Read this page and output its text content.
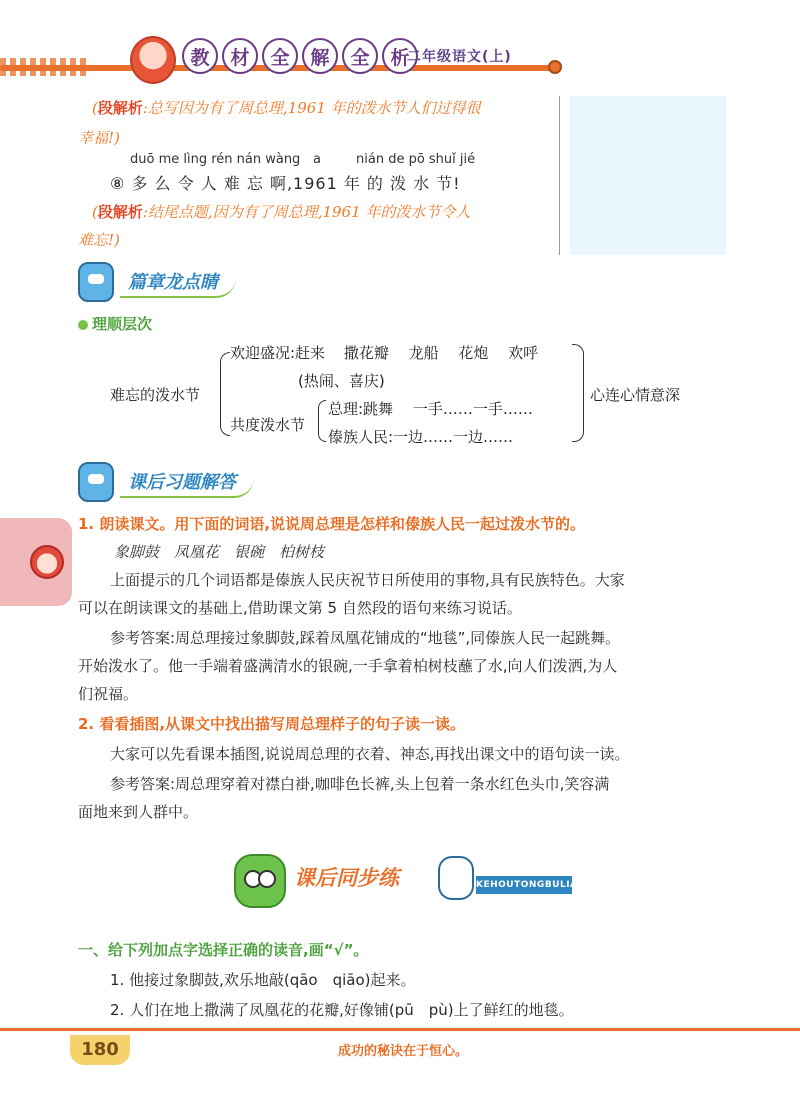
教	材	全	解	全	析
二年级语文(上)
(段解析:总写因为有了周总理,1961 年的泼水节人们过得很
幸福!)
duō me lìng rén nán wàng a	nián de pō shuǐ jié
⑧ 多 么 令 人 难 忘 啊,1961 年 的 泼 水 节!
(段解析:结尾点题,因为有了周总理,1961 年的泼水节令人
难忘!)
篇章龙点睛
理顺层次
难忘的泼水节
欢迎盛况:赶来 撒花瓣　 龙船　 花炮　 欢呼
(热闹、喜庆)
共度泼水节
总理:跳舞　 一手……一手……
傣族人民:一边……一边……
心连心情意深
课后习题解答
1. 朗读课文。用下面的词语,说说周总理是怎样和傣族人民一起过泼水节的。
象脚鼓　凤凰花　银碗　柏树枝
上面提示的几个词语都是傣族人民庆祝节日所使用的事物,具有民族特色。大家
可以在朗读课文的基础上,借助课文第 5 自然段的语句来练习说话。
参考答案:周总理接过象脚鼓,踩着凤凰花铺成的“地毯”,同傣族人民一起跳舞。
开始泼水了。他一手端着盛满清水的银碗,一手拿着柏树枝蘸了水,向人们泼洒,为人
们祝福。
2. 看看插图,从课文中找出描写周总理样子的句子读一读。
大家可以先看课本插图,说说周总理的衣着、神态,再找出课文中的语句读一读。
参考答案:周总理穿着对襟白褂,咖啡色长裤,头上包着一条水红色头巾,笑容满
面地来到人群中。
课后同步练	KEHOUTONGBULIAN
一、给下列加点字选择正确的读音,画“√”。
1. 他接过象脚鼓,欢乐地敲(qāo　qiāo)起来。
2. 人们在地上撒满了凤凰花的花瓣,好像铺(pū　pù)上了鲜红的地毯。
180	成功的秘诀在于恒心。
